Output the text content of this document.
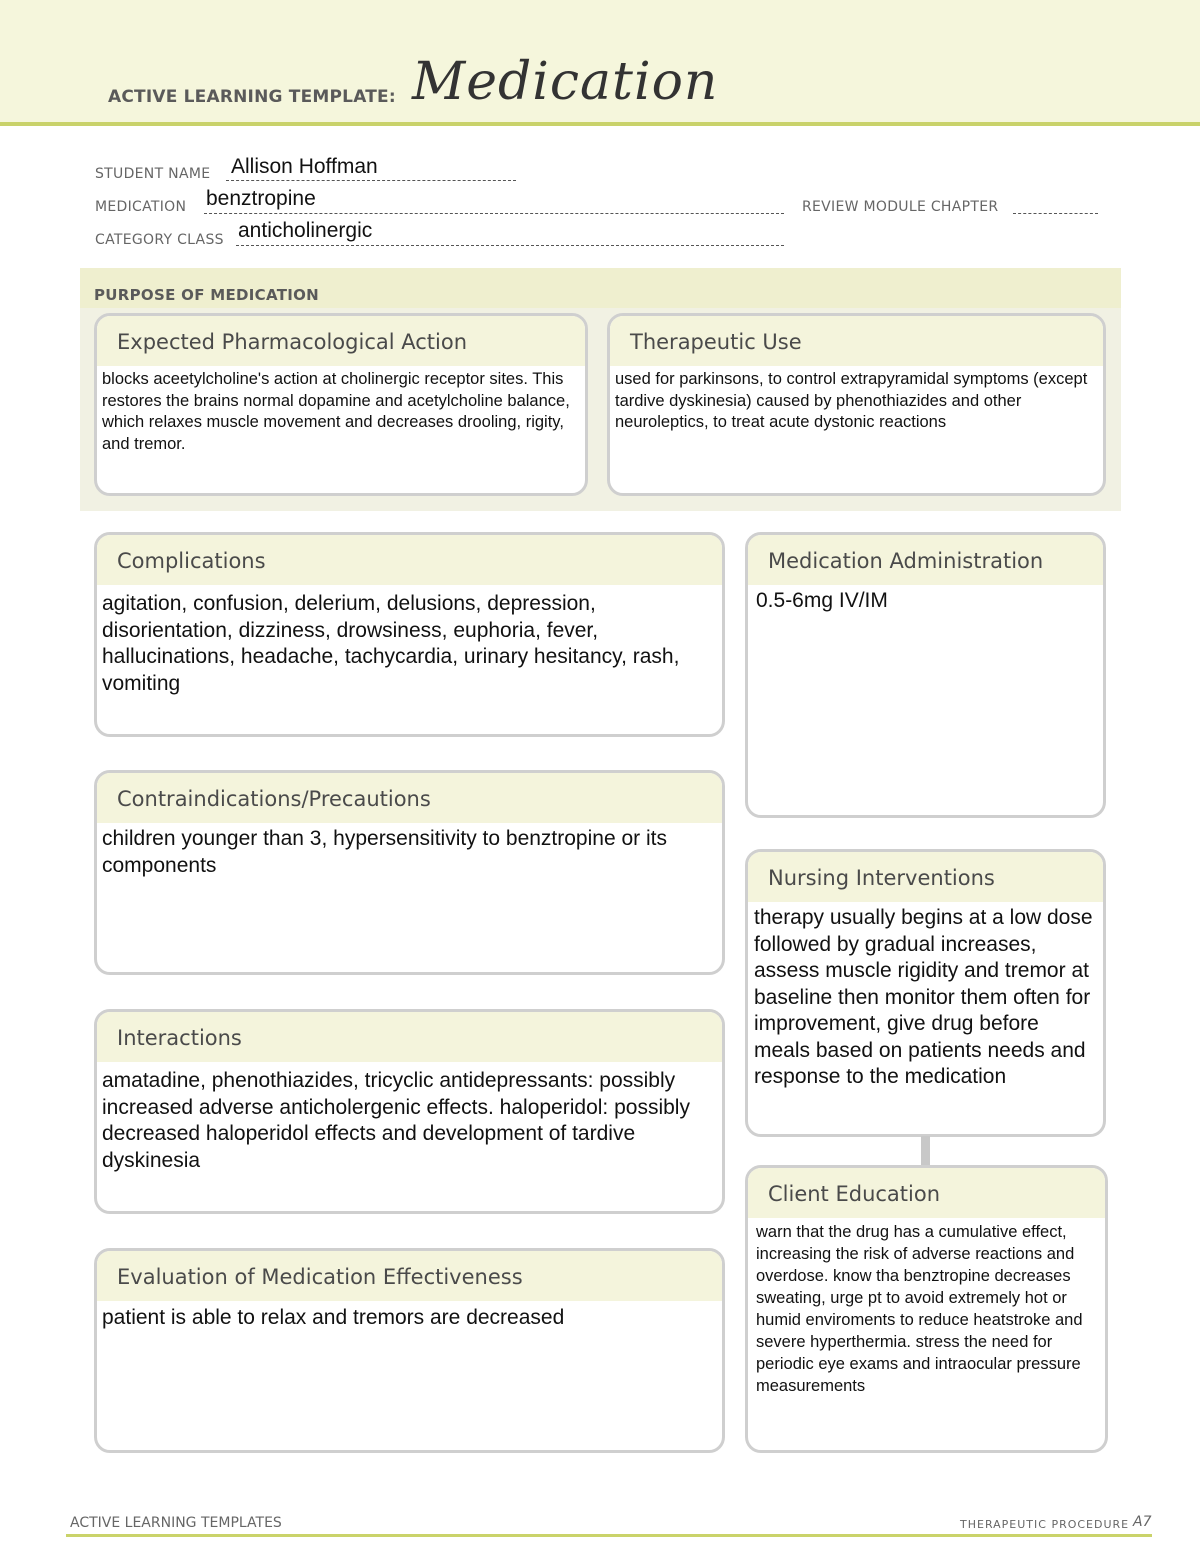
ACTIVE LEARNING TEMPLATE: Medication
STUDENT NAME Allison Hoffman
MEDICATION benztropine	REVIEW MODULE CHAPTER
CATEGORY CLASS anticholinergic
PURPOSE OF MEDICATION
Expected Pharmacological Action
blocks aceetylcholine's action at cholinergic receptor sites. This restores the brains normal dopamine and acetylcholine balance, which relaxes muscle movement and decreases drooling, rigity, and tremor.
Therapeutic Use
used for parkinsons, to control extrapyramidal symptoms (except tardive dyskinesia) caused by phenothiazides and other neuroleptics, to treat acute dystonic reactions
Complications
agitation, confusion, delerium, delusions, depression, disorientation, dizziness, drowsiness, euphoria, fever, hallucinations, headache, tachycardia, urinary hesitancy, rash, vomiting
Contraindications/Precautions
children younger than 3, hypersensitivity to benztropine or its components
Interactions
amatadine, phenothiazides, tricyclic antidepressants: possibly increased adverse anticholergenic effects. haloperidol: possibly decreased haloperidol effects and development of tardive dyskinesia
Evaluation of Medication Effectiveness
patient is able to relax and tremors are decreased
Medication Administration
0.5-6mg IV/IM
Nursing Interventions
therapy usually begins at a low dose followed by gradual increases, assess muscle rigidity and tremor at baseline then monitor them often for improvement, give drug before meals based on patients needs and response to the medication
Client Education
warn that the drug has a cumulative effect, increasing the risk of adverse reactions and overdose. know tha benztropine decreases sweating, urge pt to avoid extremely hot or humid enviroments to reduce heatstroke and severe hyperthermia. stress the need for periodic eye exams and intraocular pressure measurements
ACTIVE LEARNING TEMPLATES	THERAPEUTIC PROCEDURE A7
